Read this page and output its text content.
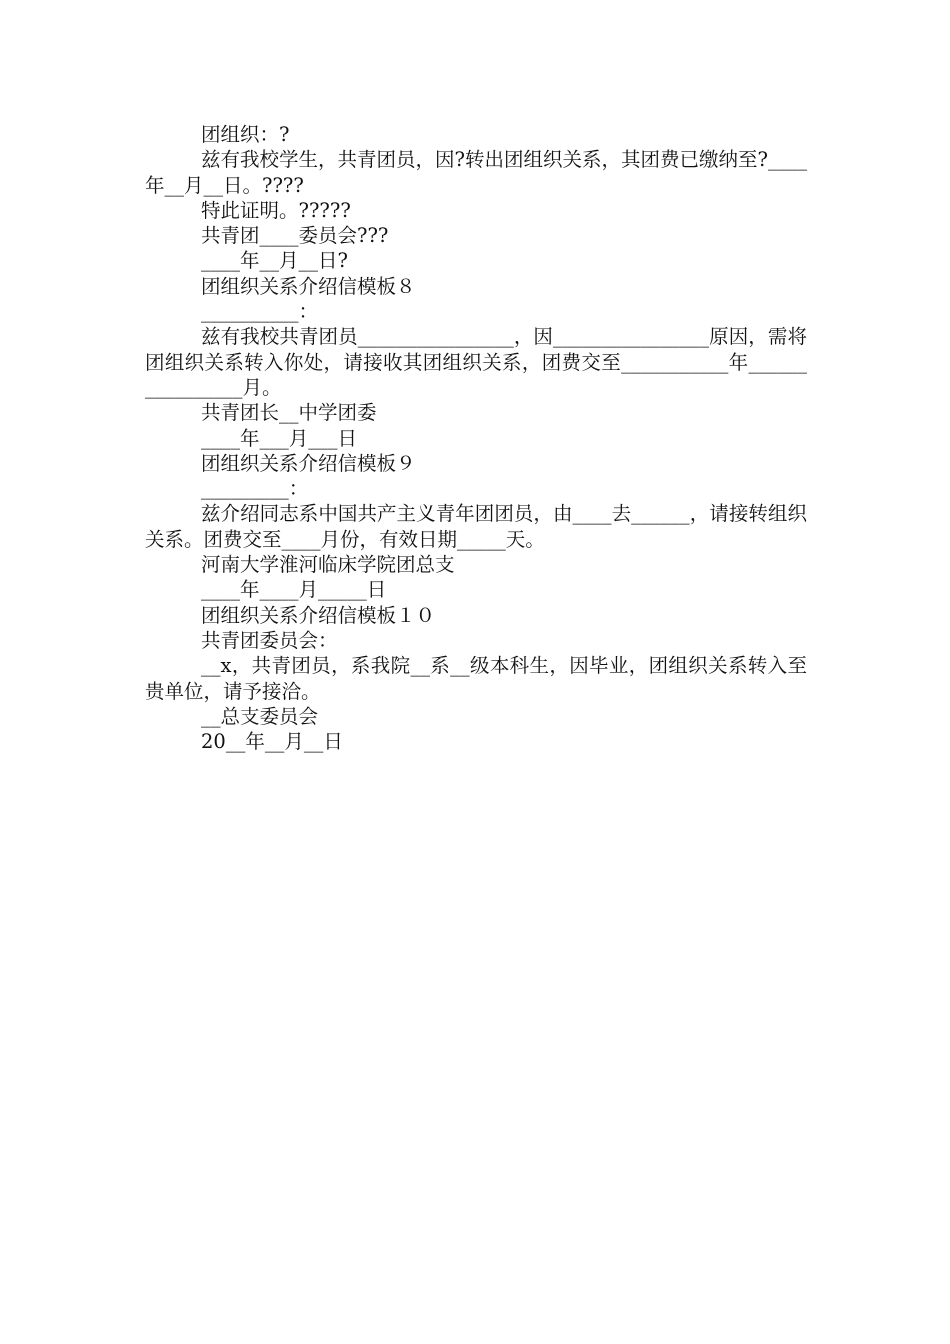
团组织：?

兹有我校学生，共青团员，因?转出团组织关系，其团费已缴纳至?____年__月__日。????

特此证明。?????

共青团____委员会???

____年__月__日?

团组织关系介绍信模板８

__________：

兹有我校共青团员________________，因________________原因，需将团组织关系转入你处，请接收其团组织关系，团费交至___________年________________月。

共青团长__中学团委

____年___月___日

团组织关系介绍信模板９

_________：

兹介绍同志系中国共产主义青年团团员，由____去______，请接转组织关系。团费交至____月份，有效日期_____天。

河南大学淮河临床学院团总支

____年____月_____日

团组织关系介绍信模板１０

共青团委员会：

__x，共青团员，系我院__系__级本科生，因毕业，团组织关系转入至贵单位，请予接洽。

__总支委员会

20__年__月__日
